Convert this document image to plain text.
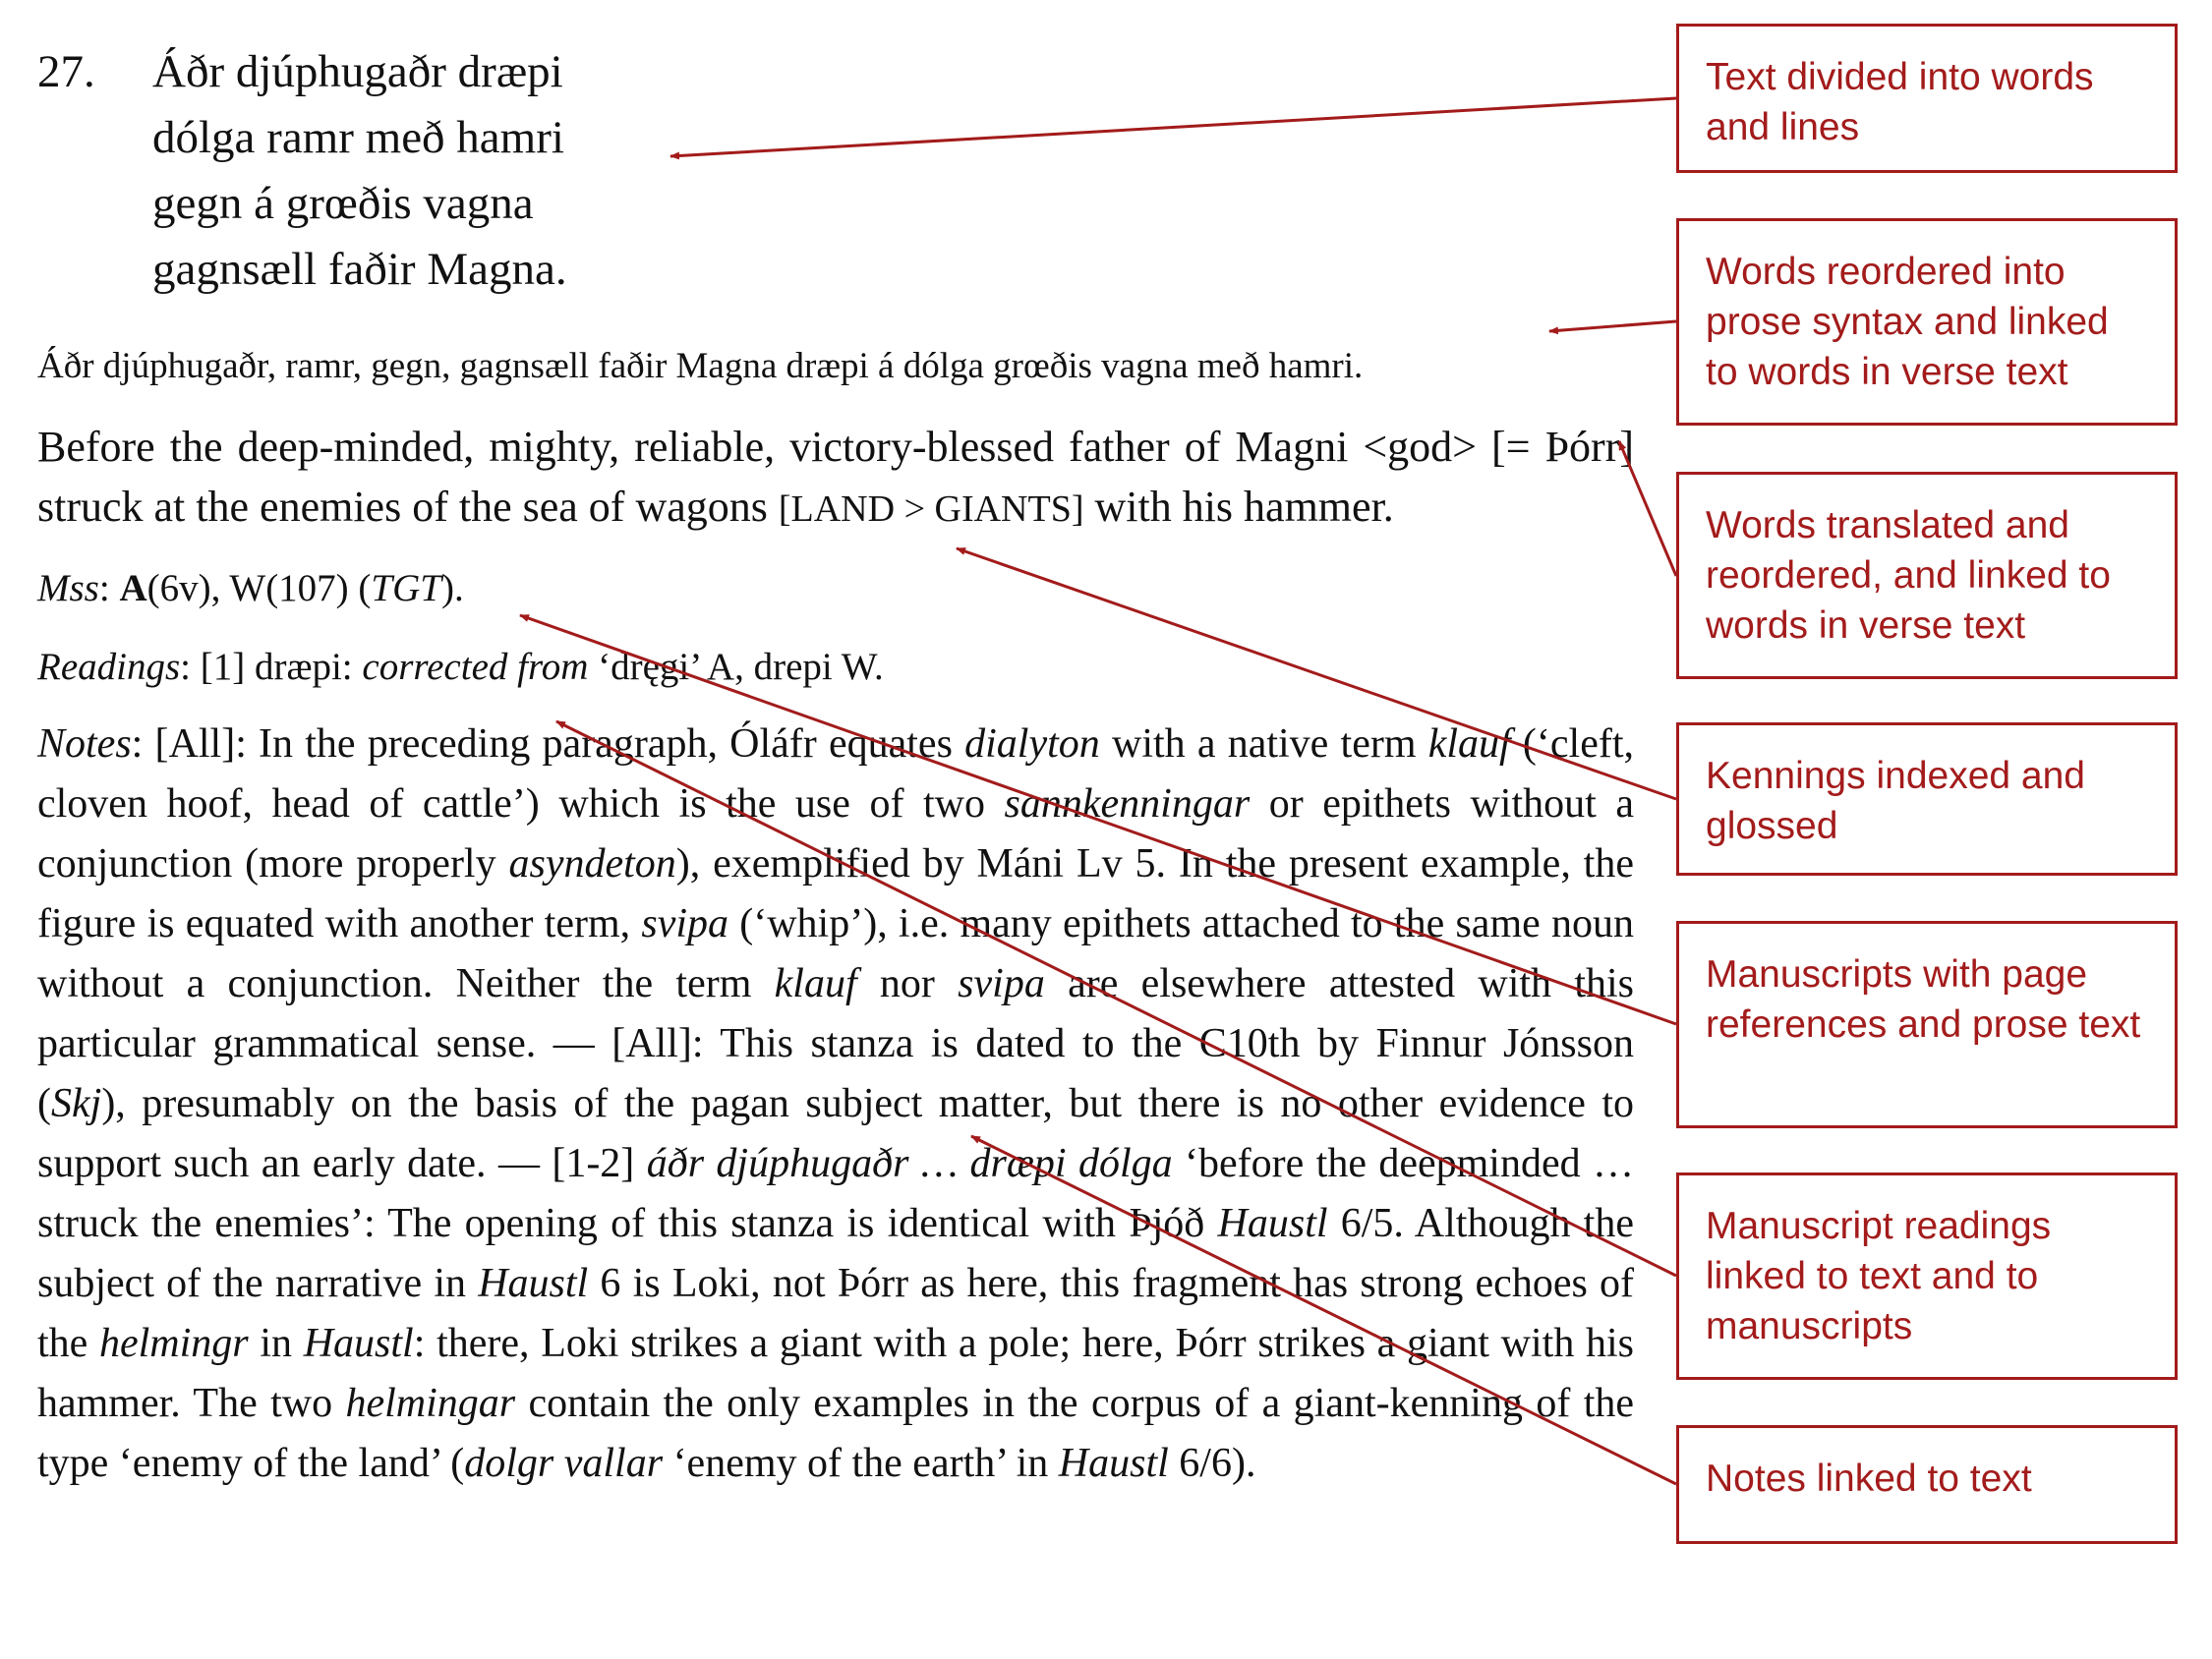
27.	Áðr djúphugaðr dræpi
dólga ramr með hamri
gegn á grœðis vagna
gagnsæll faðir Magna.
Áðr djúphugaðr, ramr, gegn, gagnsæll faðir Magna dræpi á dólga grœðis vagna með hamri.
Before the deep-minded, mighty, reliable, victory-blessed father of Magni <god> [= Þórr] struck at the enemies of the sea of wagons [LAND > GIANTS] with his hammer.
Mss: A(6v), W(107) (TGT).
Readings: [1] dræpi: corrected from ‘dręgi’ A, drepi W.
Notes: [All]: In the preceding paragraph, Óláfr equates dialyton with a native term klauf (‘cleft, cloven hoof, head of cattle’) which is the use of two sannkenningar or epithets without a conjunction (more properly asyndeton), exemplified by Máni Lv 5. In the present example, the figure is equated with another term, svipa (‘whip’), i.e. many epithets attached to the same noun without a conjunction. Neither the term klauf nor svipa are elsewhere attested with this particular grammatical sense. — [All]: This stanza is dated to the C10th by Finnur Jónsson (Skj), presumably on the basis of the pagan subject matter, but there is no other evidence to support such an early date. — [1-2] áðr djúphugaðr … dræpi dólga ‘before the deepminded … struck the enemies’: The opening of this stanza is identical with Þjóð Haustl 6/5. Although the subject of the narrative in Haustl 6 is Loki, not Þórr as here, this fragment has strong echoes of the helmingr in Haustl: there, Loki strikes a giant with a pole; here, Þórr strikes a giant with his hammer. The two helmingar contain the only examples in the corpus of a giant-kenning of the type ‘enemy of the land’ (dolgr vallar ‘enemy of the earth’ in Haustl 6/6).
Text divided into words and lines
Words reordered into prose syntax and linked to words in verse text
Words translated and reordered, and linked to words in verse text
Kennings indexed and glossed
Manuscripts with page references and prose text
Manuscript readings linked to text and to manuscripts
Notes linked to text
